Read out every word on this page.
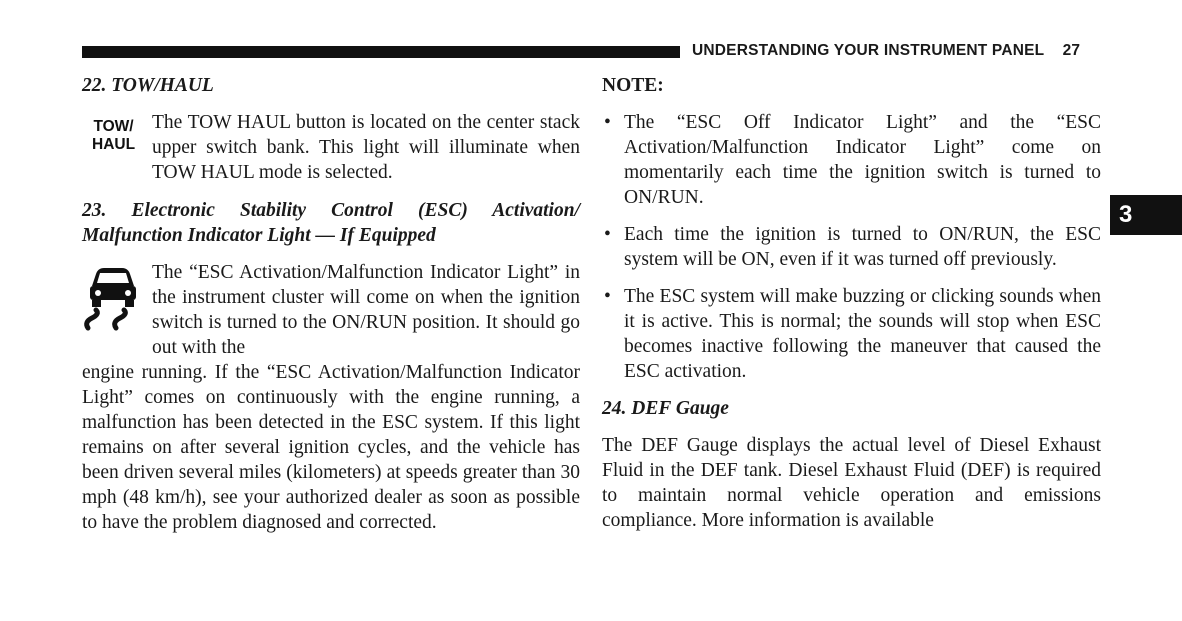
UNDERSTANDING YOUR INSTRUMENT PANEL 27
3

22. TOW/HAUL

TOW/
HAUL
The TOW HAUL button is located on the center stack upper switch bank. This light will illuminate when TOW HAUL mode is selected.

23. Electronic Stability Control (ESC) Activation/ Malfunction Indicator Light — If Equipped

The “ESC Activation/Malfunction Indicator Light” in the instrument cluster will come on when the ignition switch is turned to the ON/RUN position. It should go out with the

engine running. If the “ESC Activation/Malfunction Indicator Light” comes on continuously with the engine running, a malfunction has been detected in the ESC system. If this light remains on after several ignition cycles, and the vehicle has been driven several miles (kilometers) at speeds greater than 30 mph (48 km/h), see your authorized dealer as soon as possible to have the problem diagnosed and corrected.

NOTE:

• The “ESC Off Indicator Light” and the “ESC Activation/Malfunction Indicator Light” come on momentarily each time the ignition switch is turned to ON/RUN.
• Each time the ignition is turned to ON/RUN, the ESC system will be ON, even if it was turned off previously.
• The ESC system will make buzzing or clicking sounds when it is active. This is normal; the sounds will stop when ESC becomes inactive following the maneuver that caused the ESC activation.

24. DEF Gauge

The DEF Gauge displays the actual level of Diesel Exhaust Fluid in the DEF tank. Diesel Exhaust Fluid (DEF) is required to maintain normal vehicle operation and emissions compliance. More information is available
